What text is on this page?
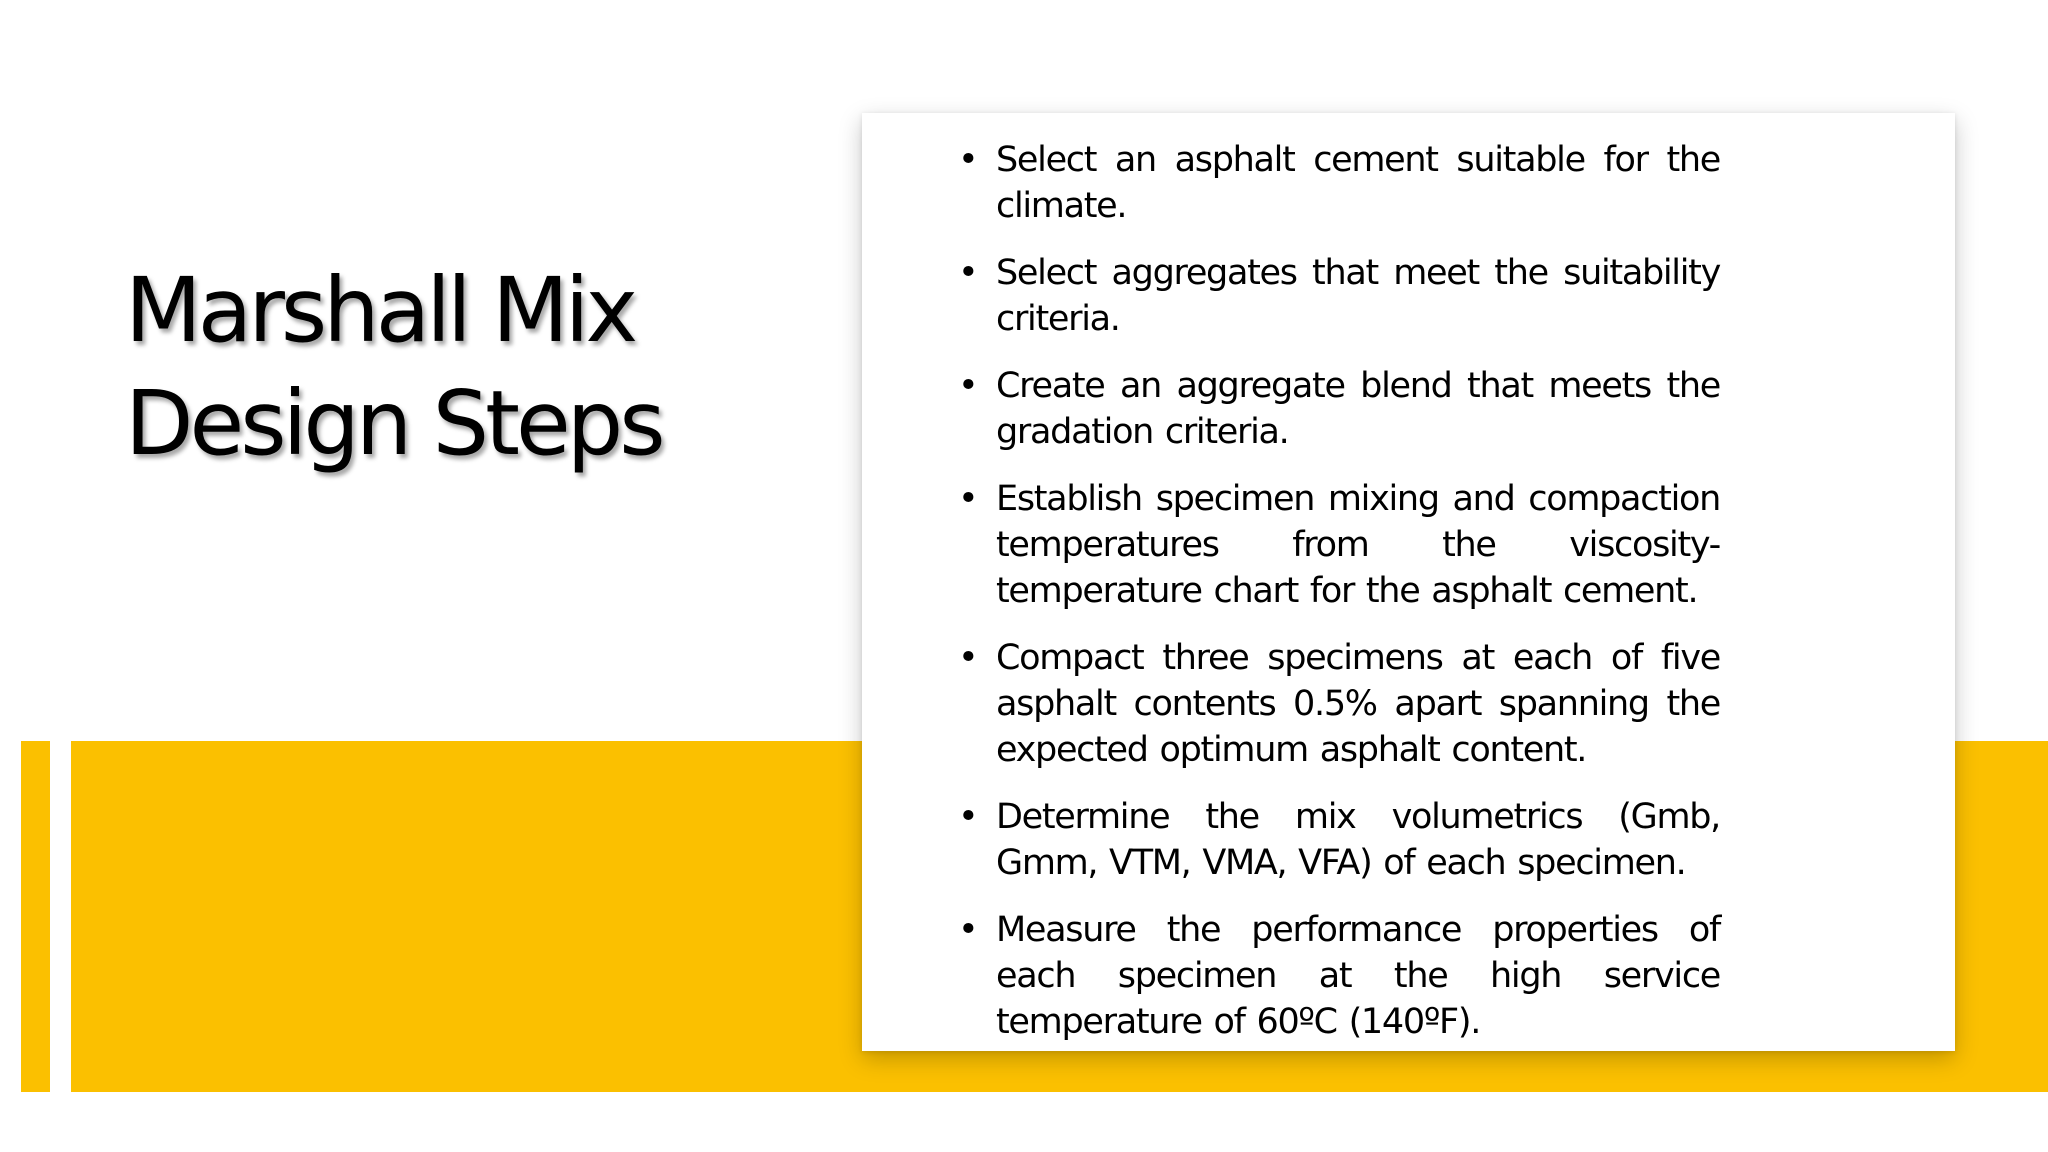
Marshall Mix
Design Steps
• Select an asphalt cement suitable for the climate.
• Select aggregates that meet the suitability criteria.
• Create an aggregate blend that meets the gradation criteria.
• Establish specimen mixing and compaction temperatures from the viscosity-temperature chart for the asphalt cement.
• Compact three specimens at each of five asphalt contents 0.5% apart spanning the expected optimum asphalt content.
• Determine the mix volumetrics (Gmb, Gmm, VTM, VMA, VFA) of each specimen.
• Measure the performance properties of each specimen at the high service temperature of 60ºC (140ºF).
